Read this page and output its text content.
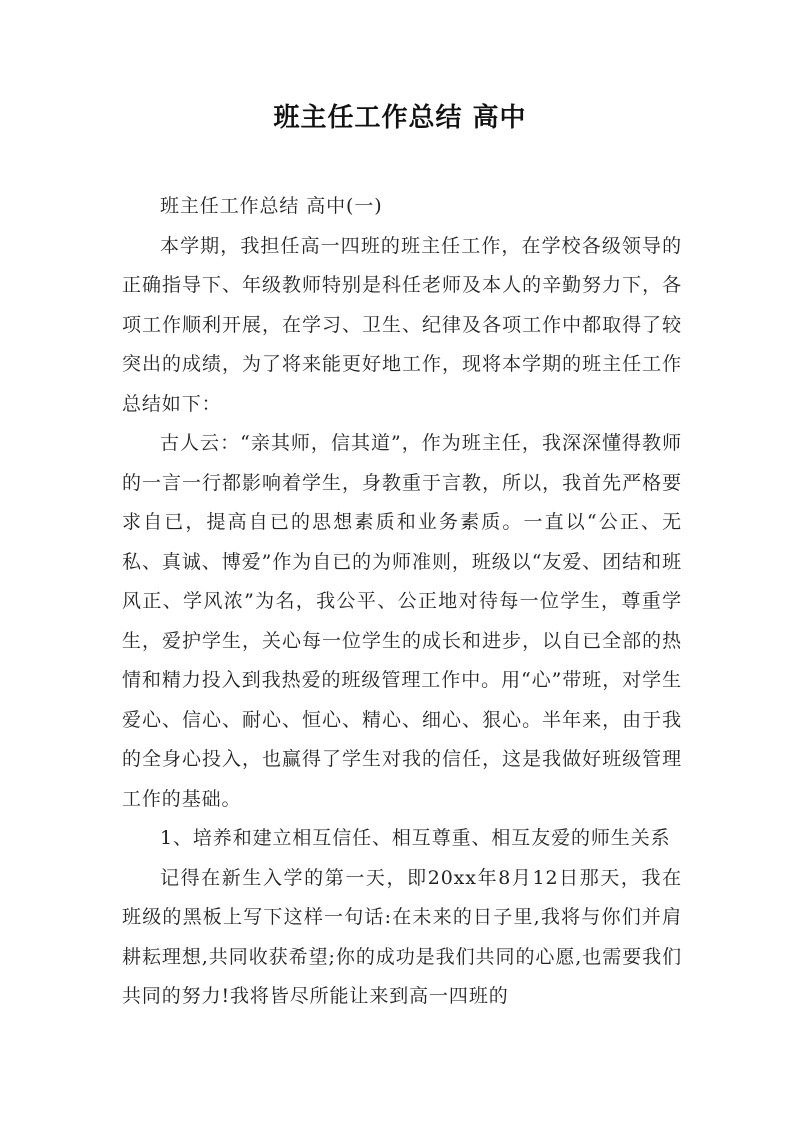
班主任工作总结 高中

班主任工作总结 高中(一)

本学期，我担任高一四班的班主任工作，在学校各级领导的正确指导下、年级教师特别是科任老师及本人的辛勤努力下，各项工作顺利开展，在学习、卫生、纪律及各项工作中都取得了较突出的成绩，为了将来能更好地工作，现将本学期的班主任工作总结如下：

古人云：“亲其师，信其道”，作为班主任，我深深懂得教师的一言一行都影响着学生，身教重于言教，所以，我首先严格要求自已，提高自已的思想素质和业务素质。一直以“公正、无私、真诚、博爱”作为自已的为师准则，班级以“友爱、团结和班风正、学风浓”为名，我公平、公正地对待每一位学生，尊重学生，爱护学生，关心每一位学生的成长和进步，以自已全部的热情和精力投入到我热爱的班级管理工作中。用“心”带班，对学生爱心、信心、耐心、恒心、精心、细心、狠心。半年来，由于我的全身心投入，也赢得了学生对我的信任，这是我做好班级管理工作的基础。

1、培养和建立相互信任、相互尊重、相互友爱的师生关系

记得在新生入学的第一天，即20xx年8月12日那天，我在班级的黑板上写下这样一句话:在未来的日子里,我将与你们并肩耕耘理想,共同收获希望;你的成功是我们共同的心愿,也需要我们共同的努力!我将皆尽所能让来到高一四班的
